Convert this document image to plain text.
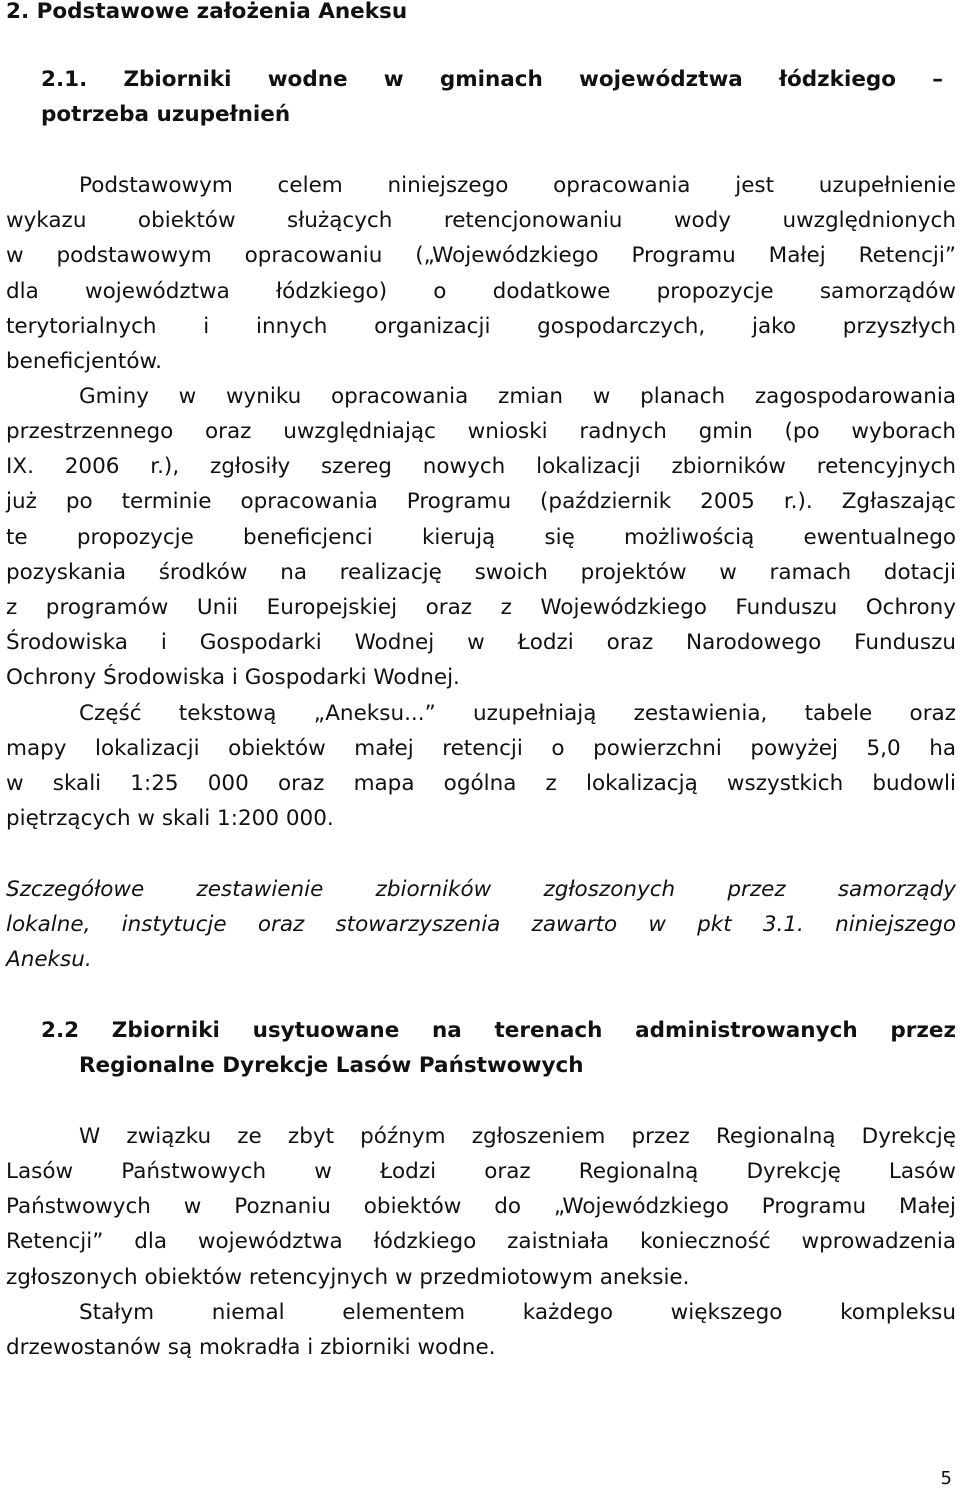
2. Podstawowe założenia Aneksu

2.1. Zbiorniki wodne w gminach województwa łódzkiego –

potrzeba uzupełnień

Podstawowym celem niniejszego opracowania jest uzupełnienie

wykazu obiektów służących retencjonowaniu wody uwzględnionych

w podstawowym opracowaniu („Wojewódzkiego Programu Małej Retencji”

dla województwa łódzkiego) o dodatkowe propozycje samorządów

terytorialnych i innych organizacji gospodarczych, jako przyszłych

beneficjentów.

Gminy w wyniku opracowania zmian w planach zagospodarowania

przestrzennego oraz uwzględniając wnioski radnych gmin (po wyborach

IX. 2006 r.), zgłosiły szereg nowych lokalizacji zbiorników retencyjnych

już po terminie opracowania Programu (październik 2005 r.). Zgłaszając

te propozycje beneficjenci kierują się możliwością ewentualnego

pozyskania środków na realizację swoich projektów w ramach dotacji

z programów Unii Europejskiej oraz z Wojewódzkiego Funduszu Ochrony

Środowiska i Gospodarki Wodnej w Łodzi oraz Narodowego Funduszu

Ochrony Środowiska i Gospodarki Wodnej.

Część tekstową „Aneksu...” uzupełniają zestawienia, tabele oraz

mapy lokalizacji obiektów małej retencji o powierzchni powyżej 5,0 ha

w skali 1:25 000 oraz mapa ogólna z lokalizacją wszystkich budowli

piętrzących w skali 1:200 000.

Szczegółowe zestawienie zbiorników zgłoszonych przez samorządy

lokalne, instytucje oraz stowarzyszenia zawarto w pkt 3.1. niniejszego

Aneksu.

2.2 Zbiorniki usytuowane na terenach administrowanych przez

Regionalne Dyrekcje Lasów Państwowych

W związku ze zbyt późnym zgłoszeniem przez Regionalną Dyrekcję

Lasów Państwowych w Łodzi oraz Regionalną Dyrekcję Lasów

Państwowych w Poznaniu obiektów do „Wojewódzkiego Programu Małej

Retencji” dla województwa łódzkiego zaistniała konieczność wprowadzenia

zgłoszonych obiektów retencyjnych w przedmiotowym aneksie.

Stałym niemal elementem każdego większego kompleksu

drzewostanów są mokradła i zbiorniki wodne.

5
